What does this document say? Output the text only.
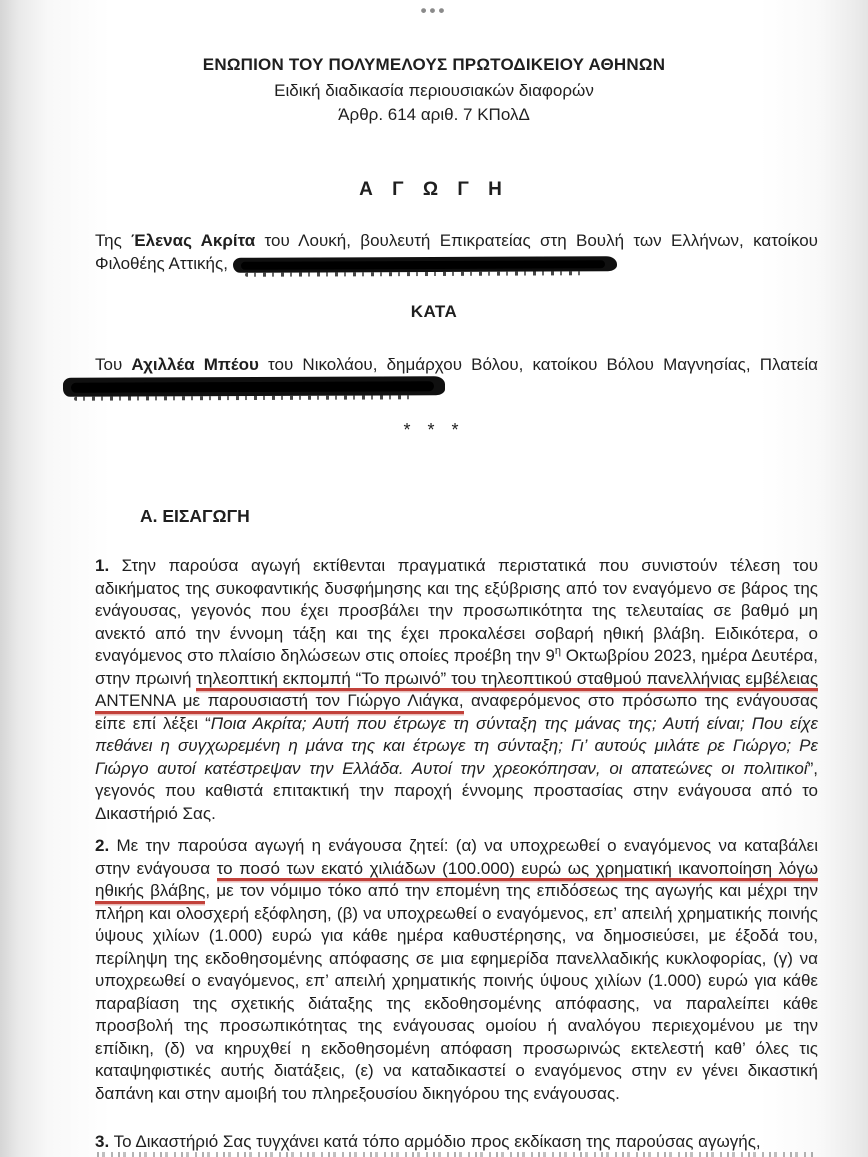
•••
ΕΝΩΠΙΟΝ ΤΟΥ ΠΟΛΥΜΕΛΟΥΣ ΠΡΩΤΟΔΙΚΕΙΟΥ ΑΘΗΝΩΝ
Ειδική διαδικασία περιουσιακών διαφορών
Άρθρ. 614 αριθ. 7 ΚΠολΔ
Α Γ Ω Γ Η

Της Έλενας Ακρίτα του Λουκή, βουλευτή Επικρατείας στη Βουλή των Ελλήνων, κατοίκου Φιλοθέης Αττικής,

ΚΑΤΑ

Του Αχιλλέα Μπέου του Νικολάου, δημάρχου Βόλου, κατοίκου Βόλου Μαγνησίας, Πλατεία

* * *
Α. ΕΙΣΑΓΩΓΗ

1. Στην παρούσα αγωγή εκτίθενται πραγματικά περιστατικά που συνιστούν τέλεση του αδικήματος της συκοφαντικής δυσφήμησης και της εξύβρισης από τον εναγόμενο σε βάρος της ενάγουσας, γεγονός που έχει προσβάλει την προσωπικότητα της τελευταίας σε βαθμό μη ανεκτό από την έννομη τάξη και της έχει προκαλέσει σοβαρή ηθική βλάβη. Ειδικότερα, ο εναγόμενος στο πλαίσιο δηλώσεων στις οποίες προέβη την $9^\eta$ Οκτωβρίου 2023, ημέρα Δευτέρα, στην πρωινή τηλεοπτική εκπομπή “Το πρωινό” του τηλεοπτικού σταθμού πανελλήνιας εμβέλειας ΑΝΤΕΝΝΑ με παρουσιαστή τον Γιώργο Λιάγκα, αναφερόμενος στο πρόσωπο της ενάγουσας είπε επί λέξει “Ποια Ακρίτα; Αυτή που έτρωγε τη σύνταξη της μάνας της; Αυτή είναι; Που είχε πεθάνει η συγχωρεμένη η μάνα της και έτρωγε τη σύνταξη; Γι’ αυτούς μιλάτε ρε Γιώργο; Ρε Γιώργο αυτοί κατέστρεψαν την Ελλάδα. Αυτοί την χρεοκόπησαν, οι απατεώνες οι πολιτικοί”, γεγονός που καθιστά επιτακτική την παροχή έννομης προστασίας στην ενάγουσα από το Δικαστήριό Σας.

2. Με την παρούσα αγωγή η ενάγουσα ζητεί: (α) να υποχρεωθεί ο εναγόμενος να καταβάλει στην ενάγουσα το ποσό των εκατό χιλιάδων (100.000) ευρώ ως χρηματική ικανοποίηση λόγω ηθικής βλάβης, με τον νόμιμο τόκο από την επομένη της επιδόσεως της αγωγής και μέχρι την πλήρη και ολοσχερή εξόφληση, (β) να υποχρεωθεί ο εναγόμενος, επ’ απειλή χρηματικής ποινής ύψους χιλίων (1.000) ευρώ για κάθε ημέρα καθυστέρησης, να δημοσιεύσει, με έξοδά του, περίληψη της εκδοθησομένης απόφασης σε μια εφημερίδα πανελλαδικής κυκλοφορίας, (γ) να υποχρεωθεί ο εναγόμενος, επ’ απειλή χρηματικής ποινής ύψους χιλίων (1.000) ευρώ για κάθε παραβίαση της σχετικής διάταξης της εκδοθησομένης απόφασης, να παραλείπει κάθε προσβολή της προσωπικότητας της ενάγουσας ομοίου ή αναλόγου περιεχομένου με την επίδικη, (δ) να κηρυχθεί η εκδοθησομένη απόφαση προσωρινώς εκτελεστή καθ’ όλες τις καταψηφιστικές αυτής διατάξεις, (ε) να καταδικαστεί ο εναγόμενος στην εν γένει δικαστική δαπάνη και στην αμοιβή του πληρεξουσίου δικηγόρου της ενάγουσας.

3. Το Δικαστήριό Σας τυγχάνει κατά τόπο αρμόδιο προς εκδίκαση της παρούσας αγωγής,
